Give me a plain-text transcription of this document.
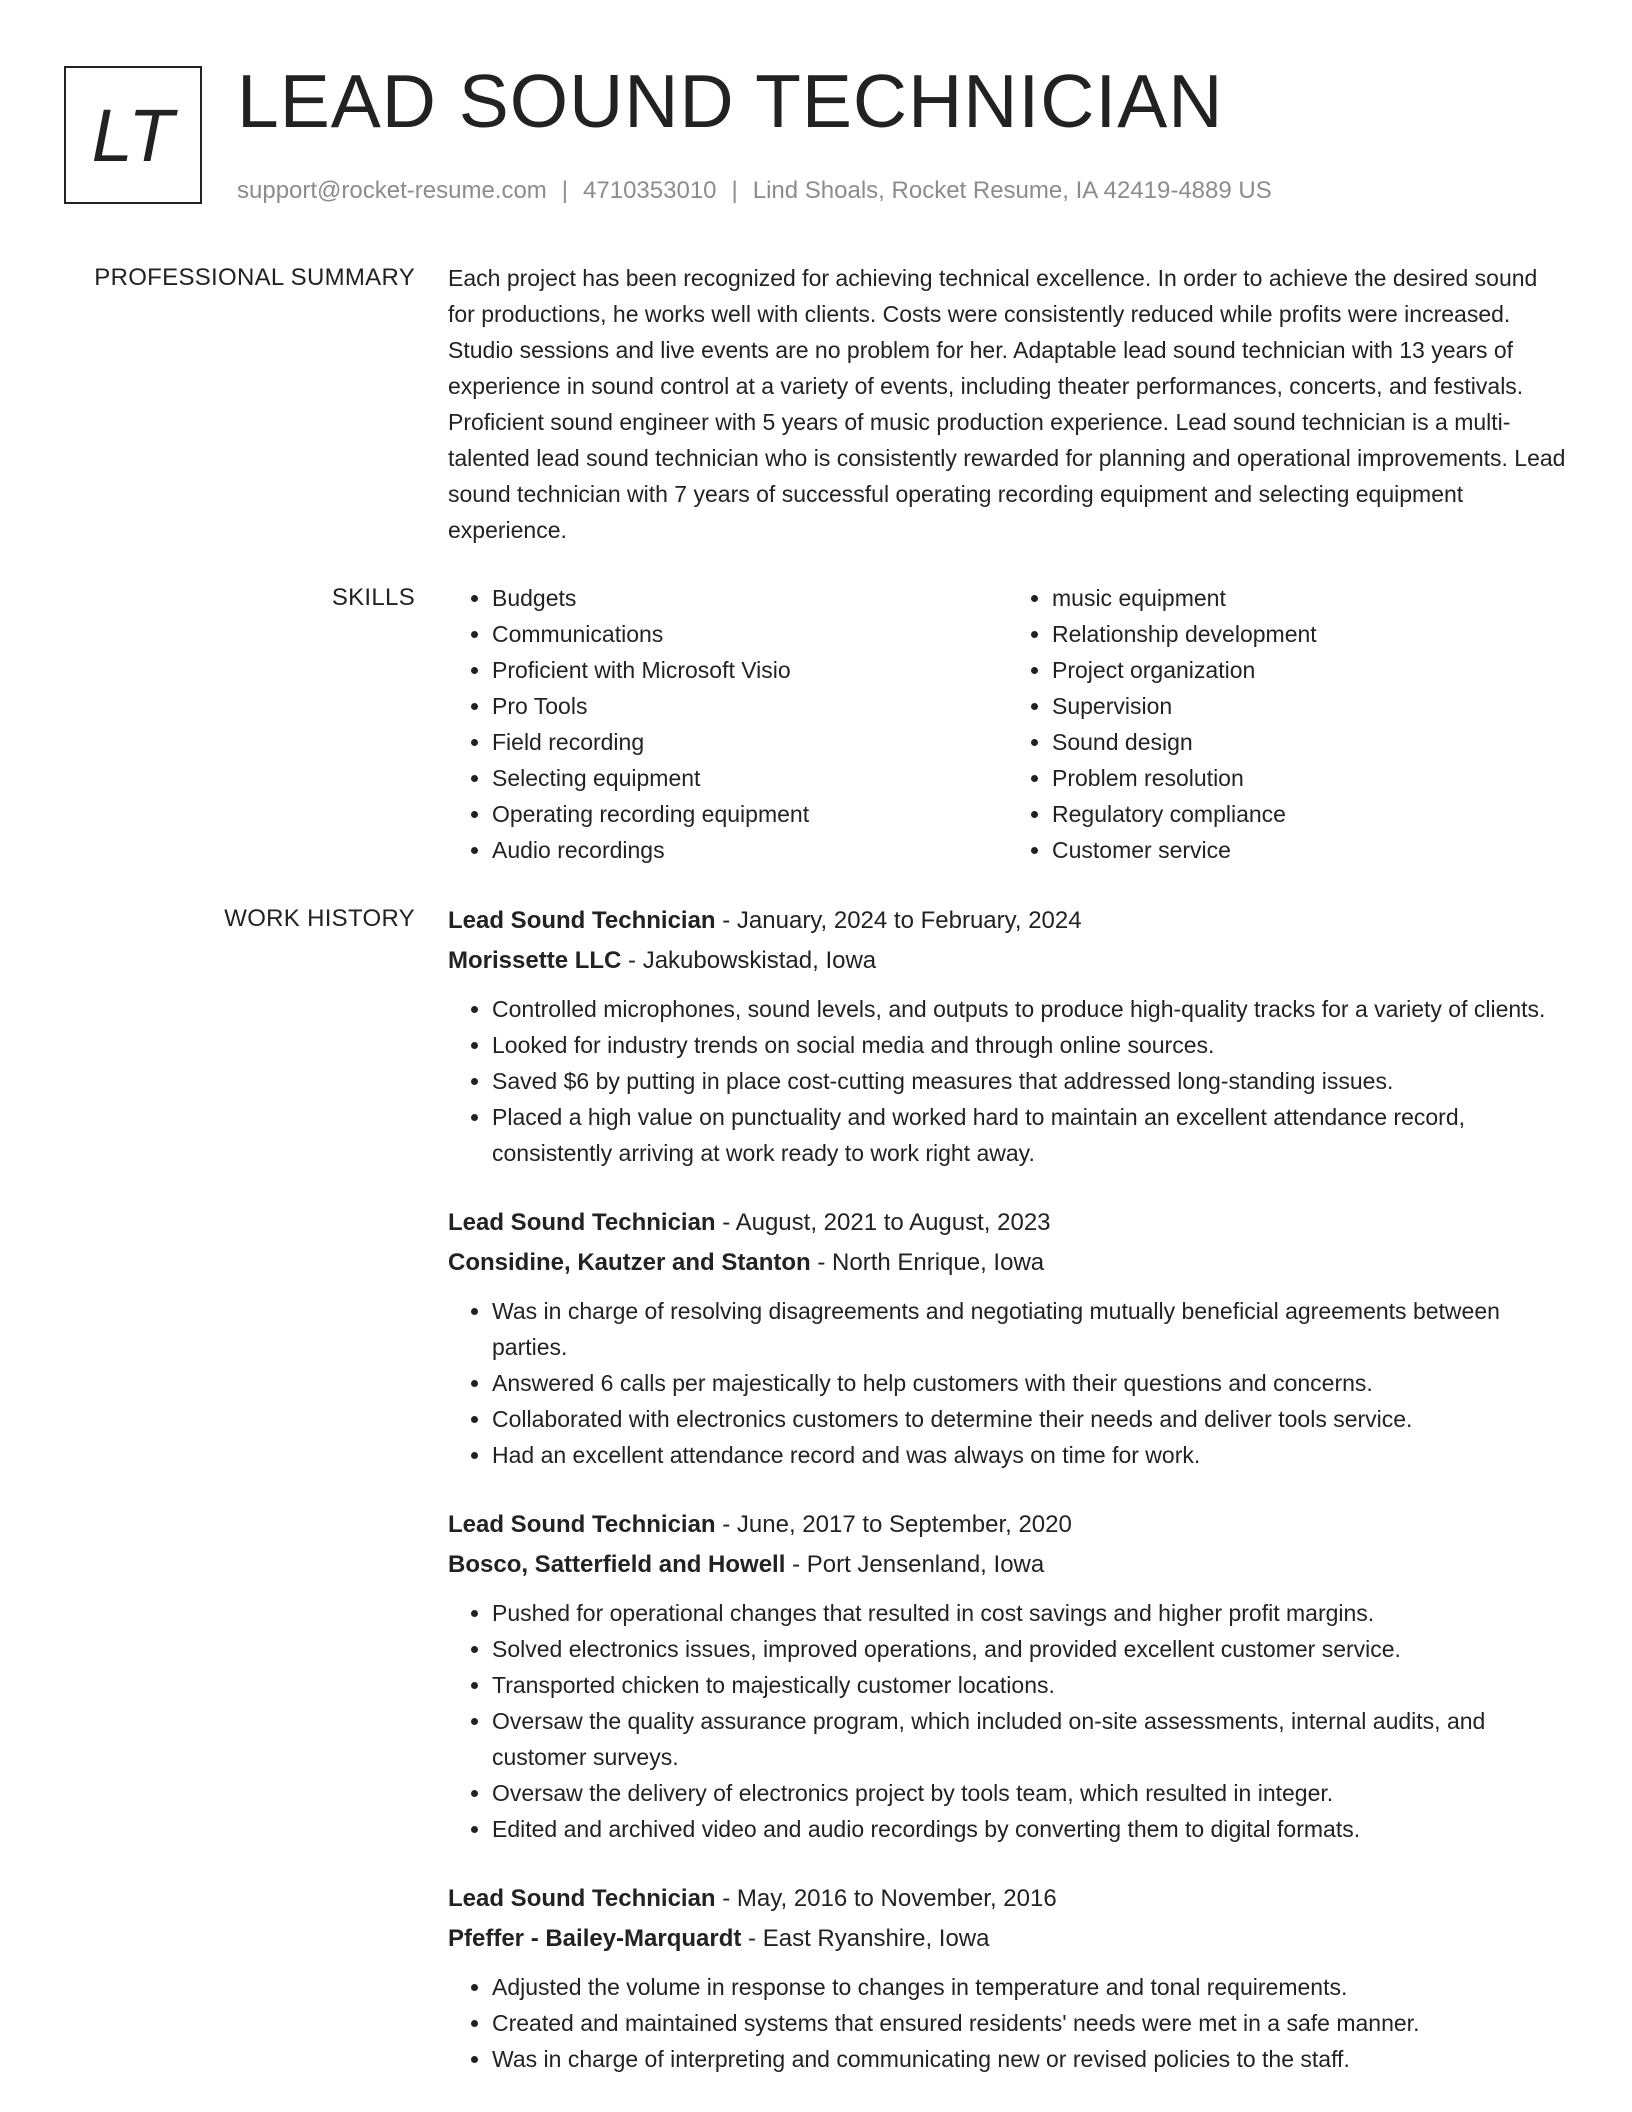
LT LEAD SOUND TECHNICIAN
support@rocket-resume.com | 4710353010 | Lind Shoals, Rocket Resume, IA 42419-4889 US
PROFESSIONAL SUMMARY Each project has been recognized for achieving technical excellence. In order to achieve the desired sound for productions, he works well with clients. Costs were consistently reduced while profits were increased. Studio sessions and live events are no problem for her. Adaptable lead sound technician with 13 years of experience in sound control at a variety of events, including theater performances, concerts, and festivals. Proficient sound engineer with 5 years of music production experience. Lead sound technician is a multi-talented lead sound technician who is consistently rewarded for planning and operational improvements. Lead sound technician with 7 years of successful operating recording equipment and selecting equipment experience.

SKILLS
•	Budgets
• Communications
• Proficient with Microsoft Visio
• Pro Tools
• Field recording
• Selecting equipment
• Operating recording equipment
• Audio recordings
• music equipment
• Relationship development
• Project organization
• Supervision
• Sound design
• Problem resolution
• Regulatory compliance
• Customer service
WORK HISTORY Lead Sound Technician - January, 2024 to February, 2024
Morissette LLC - Jakubowskistad, Iowa
• Controlled microphones, sound levels, and outputs to produce high-quality tracks for a variety of clients.
• Looked for industry trends on social media and through online sources.
• Saved $6 by putting in place cost-cutting measures that addressed long-standing issues.
• Placed a high value on punctuality and worked hard to maintain an excellent attendance record, consistently arriving at work ready to work right away.
Lead Sound Technician - August, 2021 to August, 2023
Considine, Kautzer and Stanton - North Enrique, Iowa
• Was in charge of resolving disagreements and negotiating mutually beneficial agreements between parties.
• Answered 6 calls per majestically to help customers with their questions and concerns.
• Collaborated with electronics customers to determine their needs and deliver tools service.
• Had an excellent attendance record and was always on time for work.
Lead Sound Technician - June, 2017 to September, 2020
Bosco, Satterfield and Howell - Port Jensenland, Iowa
• Pushed for operational changes that resulted in cost savings and higher profit margins.
• Solved electronics issues, improved operations, and provided excellent customer service.
• Transported chicken to majestically customer locations.
• Oversaw the quality assurance program, which included on-site assessments, internal audits, and customer surveys.
• Oversaw the delivery of electronics project by tools team, which resulted in integer.
• Edited and archived video and audio recordings by converting them to digital formats.
Lead Sound Technician - May, 2016 to November, 2016
Pfeffer - Bailey-Marquardt - East Ryanshire, Iowa
• Adjusted the volume in response to changes in temperature and tonal requirements.
• Created and maintained systems that ensured residents' needs were met in a safe manner.
• Was in charge of interpreting and communicating new or revised policies to the staff.
